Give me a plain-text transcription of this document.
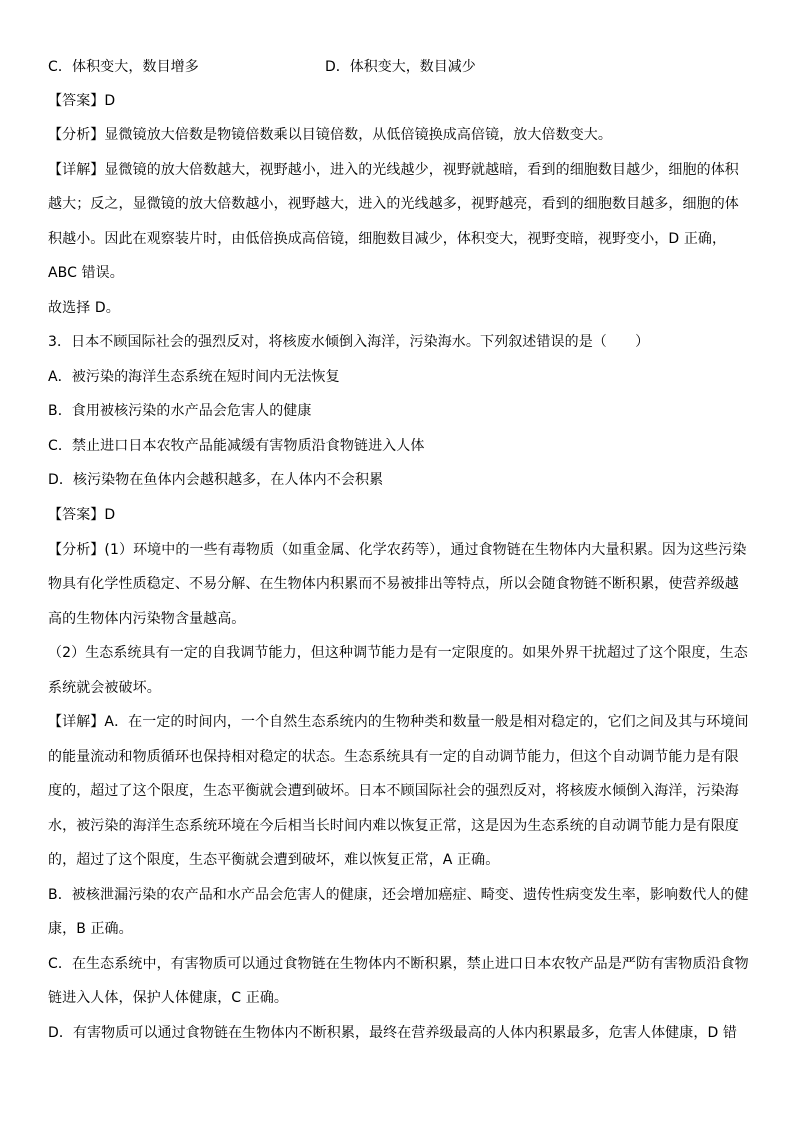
C．体积变大，数目增多	D．体积变大，数目减少
【答案】D
【分析】显微镜放大倍数是物镜倍数乘以目镜倍数，从低倍镜换成高倍镜，放大倍数变大。
【详解】显微镜的放大倍数越大，视野越小，进入的光线越少，视野就越暗，看到的细胞数目越少，细胞的体积
越大；反之，显微镜的放大倍数越小，视野越大，进入的光线越多，视野越亮，看到的细胞数目越多，细胞的体
积越小。因此在观察装片时，由低倍换成高倍镜，细胞数目减少，体积变大，视野变暗，视野变小，D 正确，
ABC 错误。
故选择 D。
3．日本不顾国际社会的强烈反对，将核废水倾倒入海洋，污染海水。下列叙述错误的是（　　）
A．被污染的海洋生态系统在短时间内无法恢复
B．食用被核污染的水产品会危害人的健康
C．禁止进口日本农牧产品能减缓有害物质沿食物链进入人体
D．核污染物在鱼体内会越积越多，在人体内不会积累
【答案】D
【分析】(1）环境中的一些有毒物质（如重金属、化学农药等），通过食物链在生物体内大量积累。因为这些污染
物具有化学性质稳定、不易分解、在生物体内积累而不易被排出等特点，所以会随食物链不断积累，使营养级越
高的生物体内污染物含量越高。
（2）生态系统具有一定的自我调节能力，但这种调节能力是有一定限度的。如果外界干扰超过了这个限度，生态
系统就会被破坏。
【详解】A．在一定的时间内，一个自然生态系统内的生物种类和数量一般是相对稳定的，它们之间及其与环境间
的能量流动和物质循环也保持相对稳定的状态。生态系统具有一定的自动调节能力，但这个自动调节能力是有限
度的，超过了这个限度，生态平衡就会遭到破坏。日本不顾国际社会的强烈反对，将核废水倾倒入海洋，污染海
水，被污染的海洋生态系统环境在今后相当长时间内难以恢复正常，这是因为生态系统的自动调节能力是有限度
的，超过了这个限度，生态平衡就会遭到破坏，难以恢复正常，A 正确。
B．被核泄漏污染的农产品和水产品会危害人的健康，还会增加癌症、畸变、遗传性病变发生率，影响数代人的健
康，B 正确。
C．在生态系统中，有害物质可以通过食物链在生物体内不断积累，禁止进口日本农牧产品是严防有害物质沿食物
链进入人体，保护人体健康，C 正确。
D．有害物质可以通过食物链在生物体内不断积累，最终在营养级最高的人体内积累最多，危害人体健康，D 错
